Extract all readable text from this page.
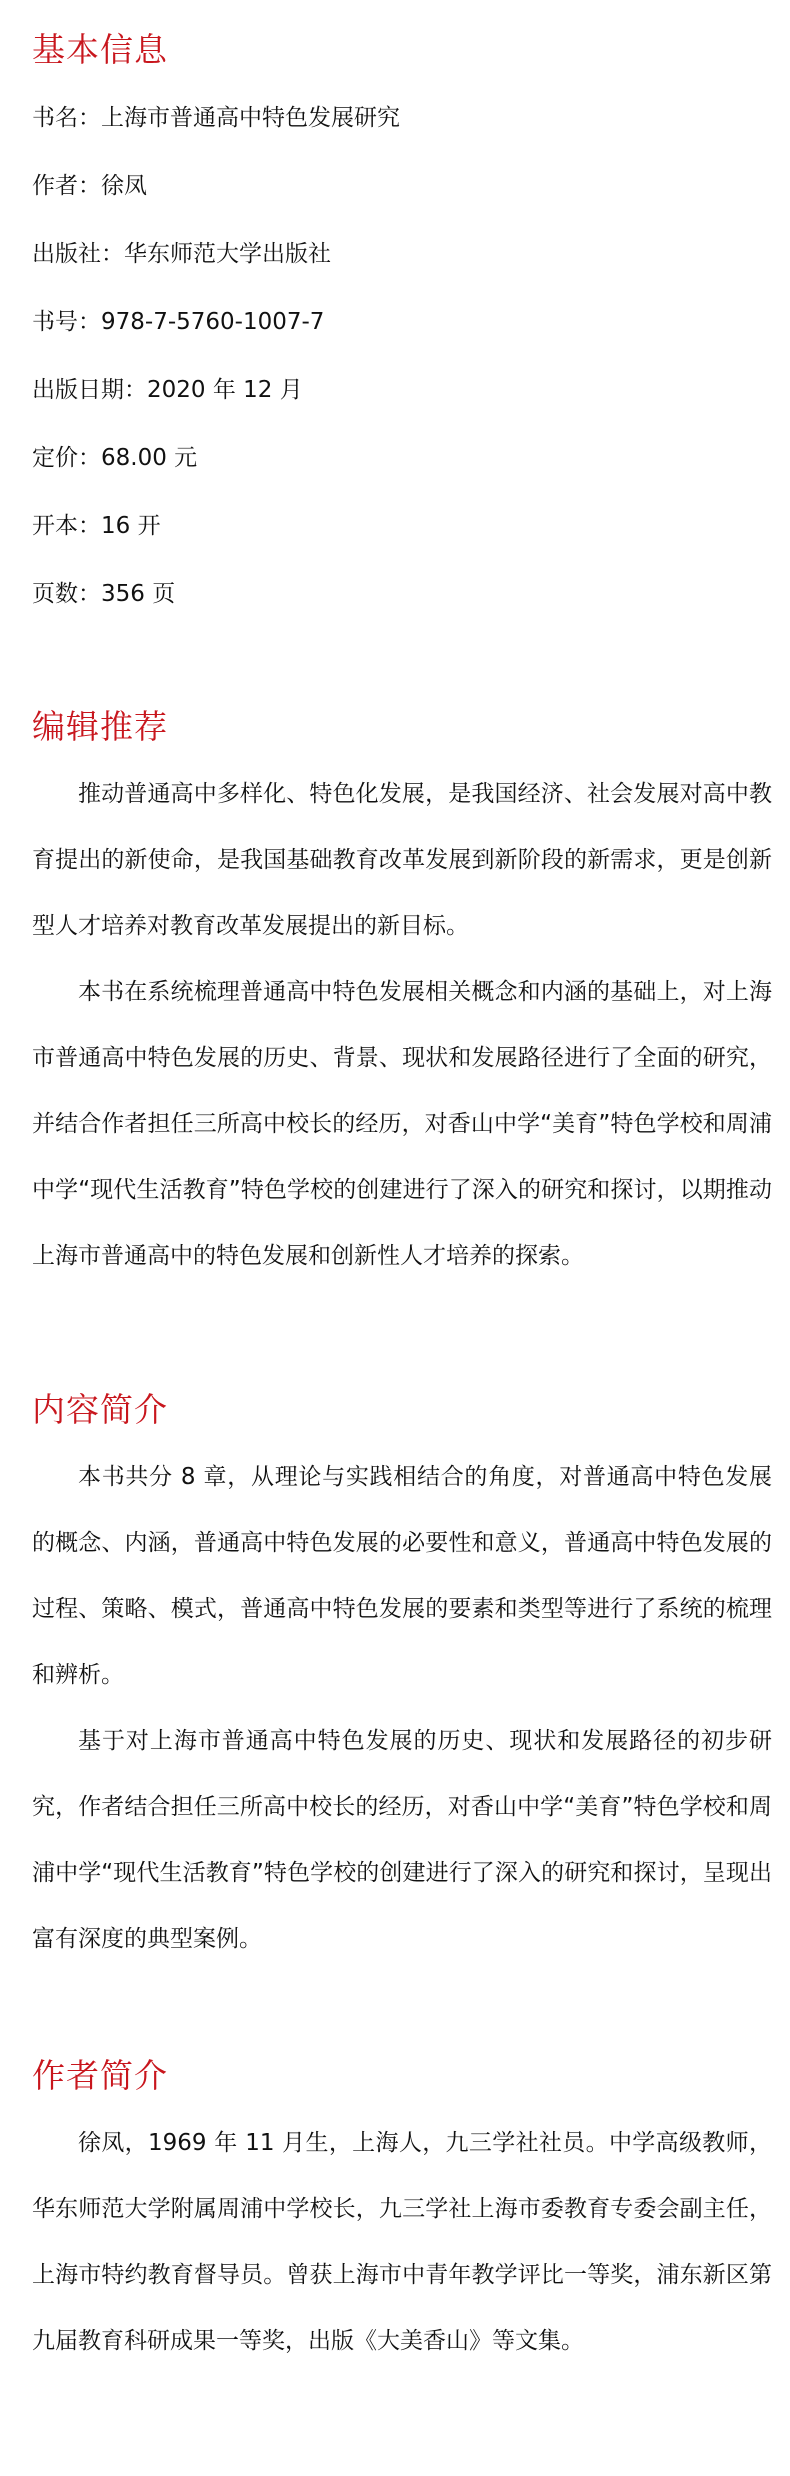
基本信息

书名：上海市普通高中特色发展研究

作者：徐凤

出版社：华东师范大学出版社

书号：978-7-5760-1007-7

出版日期：2020 年 12 月

定价：68.00 元

开本：16 开

页数：356 页

编辑推荐

推动普通高中多样化、特色化发展，是我国经济、社会发展对高中教育提出的新使命，是我国基础教育改革发展到新阶段的新需求，更是创新型人才培养对教育改革发展提出的新目标。

本书在系统梳理普通高中特色发展相关概念和内涵的基础上，对上海市普通高中特色发展的历史、背景、现状和发展路径进行了全面的研究，并结合作者担任三所高中校长的经历，对香山中学“美育”特色学校和周浦中学“现代生活教育”特色学校的创建进行了深入的研究和探讨，以期推动上海市普通高中的特色发展和创新性人才培养的探索。

内容简介

本书共分 8 章，从理论与实践相结合的角度，对普通高中特色发展的概念、内涵，普通高中特色发展的必要性和意义，普通高中特色发展的过程、策略、模式，普通高中特色发展的要素和类型等进行了系统的梳理和辨析。

基于对上海市普通高中特色发展的历史、现状和发展路径的初步研究，作者结合担任三所高中校长的经历，对香山中学“美育”特色学校和周浦中学“现代生活教育”特色学校的创建进行了深入的研究和探讨，呈现出富有深度的典型案例。

作者简介

徐凤，1969 年 11 月生，上海人，九三学社社员。中学高级教师，华东师范大学附属周浦中学校长，九三学社上海市委教育专委会副主任，上海市特约教育督导员。曾获上海市中青年教学评比一等奖，浦东新区第九届教育科研成果一等奖，出版《大美香山》等文集。
